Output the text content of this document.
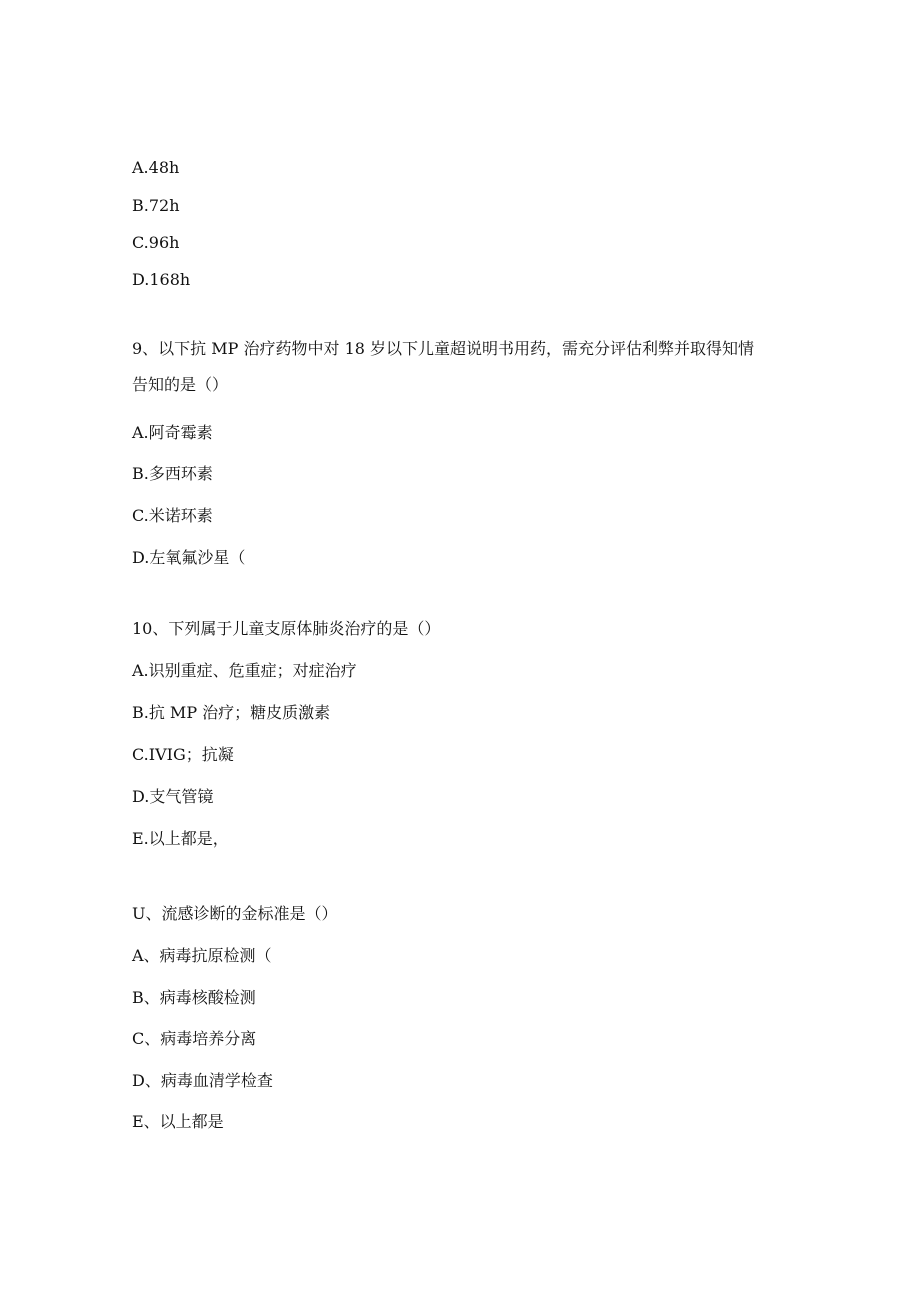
A.48h
B.72h
C.96h
D.168h
9、以下抗 MP 治疗药物中对 18 岁以下儿童超说明书用药，需充分评估利弊并取得知情
告知的是（）
A.阿奇霉素
B.多西环素
C.米诺环素
D.左氧氟沙星（
10、下列属于儿童支原体肺炎治疗的是（）
A.识别重症、危重症；对症治疗
B.抗 MP 治疗；糖皮质激素
C.IVIG；抗凝
D.支气管镜
E.以上都是，
U、流感诊断的金标准是（）
A、病毒抗原检测（
B、病毒核酸检测
C、病毒培养分离
D、病毒血清学检查
E、以上都是
